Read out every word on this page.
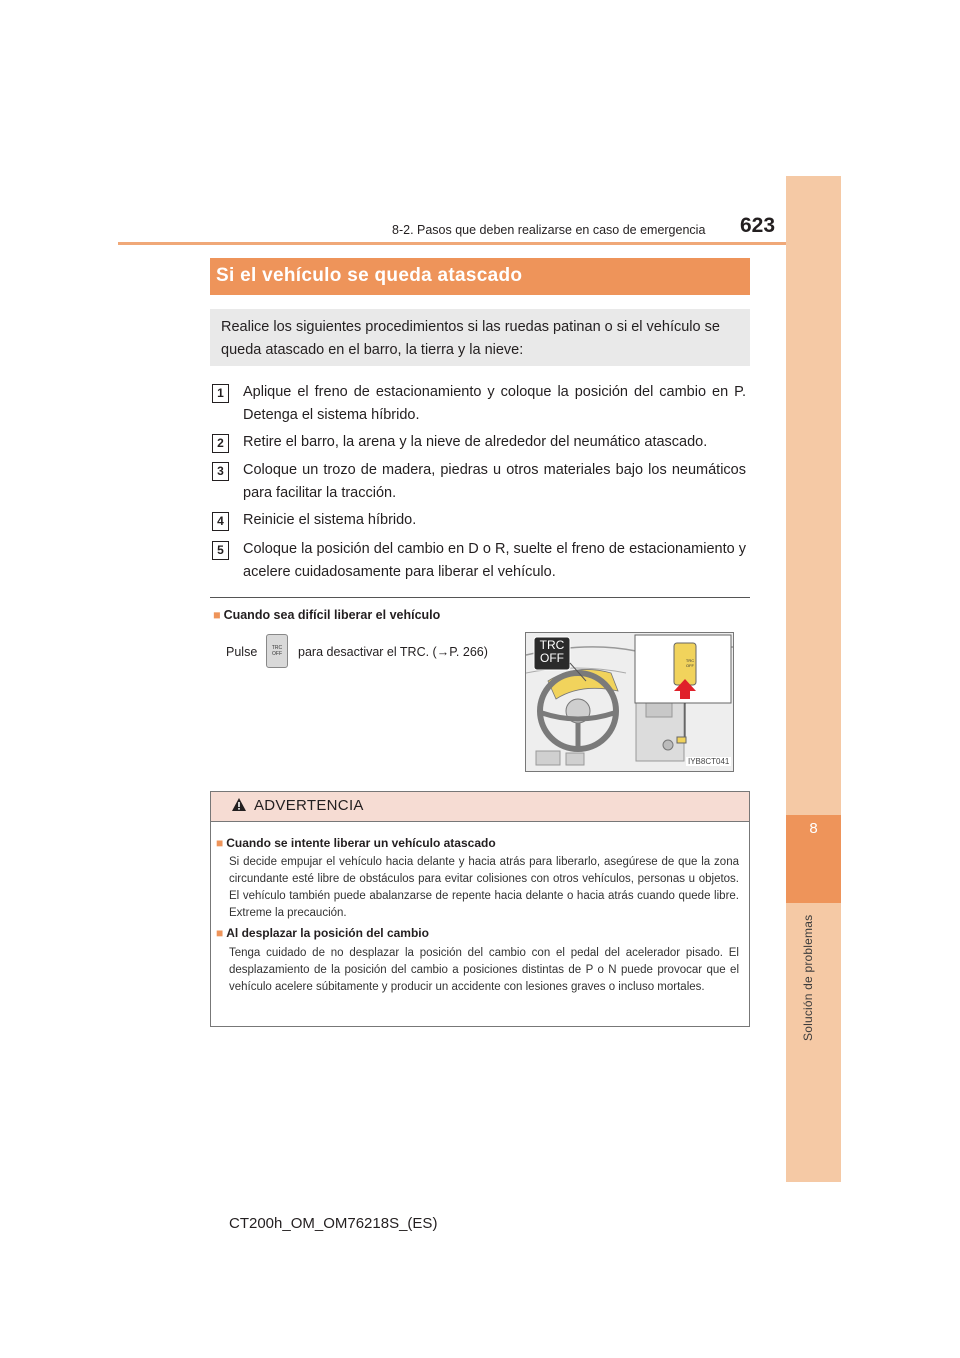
8
Solución de problemas
8-2. Pasos que deben realizarse en caso de emergencia 623
Si el vehículo se queda atascado
Realice los siguientes procedimientos si las ruedas patinan o si el vehículo se queda atascado en el barro, la tierra y la nieve:
1	Aplique el freno de estacionamiento y coloque la posición del cambio en P. Detenga el sistema híbrido.
2	Retire el barro, la arena y la nieve de alrededor del neumático atascado.
3	Coloque un trozo de madera, piedras u otros materiales bajo los neumáticos para facilitar la tracción.
4	Reinicie el sistema híbrido.
5	Coloque la posición del cambio en D o R, suelte el freno de estacionamiento y acelere cuidadosamente para liberar el vehículo.
■ Cuando sea difícil liberar el vehículo
Pulse	TRC
OFF	para desactivar el TRC. (→P. 266)	TRC
OFF	TRC
OFF
IYB8CT041
ADVERTENCIA
■ Cuando se intente liberar un vehículo atascado
Si decide empujar el vehículo hacia delante y hacia atrás para liberarlo, asegúrese de que la zona circundante esté libre de obstáculos para evitar colisiones con otros vehículos, personas u objetos. El vehículo también puede abalanzarse de repente hacia delante o hacia atrás cuando quede libre. Extreme la precaución.
■ Al desplazar la posición del cambio
Tenga cuidado de no desplazar la posición del cambio con el pedal del acelerador pisado. El desplazamiento de la posición del cambio a posiciones distintas de P o N puede provocar que el vehículo acelere súbitamente y producir un accidente con lesiones graves o incluso mortales.
CT200h_OM_OM76218S_(ES)
